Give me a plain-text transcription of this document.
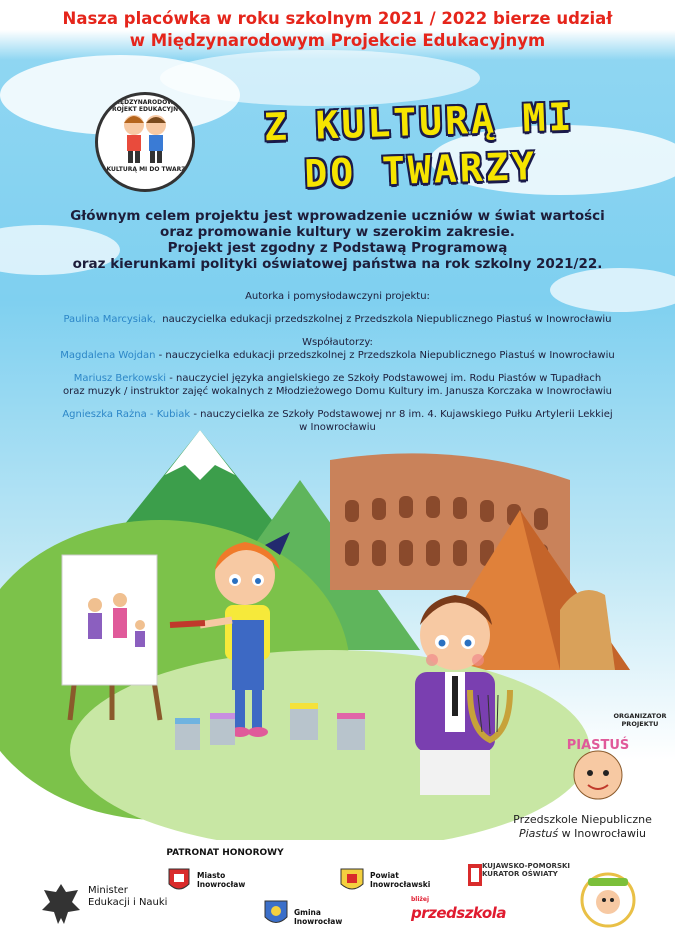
Nasza placówka w roku szkolnym 2021 / 2022 bierze udział
w Międzynarodowym Projekcie Edukacyjnym
MIĘDZYNARODOWY PROJEKT EDUKACYJNY
Z KULTURĄ MI DO TWARZY
Z KULTURĄ MI
DO TWARZY
Głównym celem projektu jest wprowadzenie uczniów w świat wartości
oraz promowanie kultury w szerokim zakresie.
Projekt jest zgodny z Podstawą Programową
oraz kierunkami polityki oświatowej państwa na rok szkolny 2021/22.
Autorka i pomysłodawczyni projektu:
Paulina Marcysiak, nauczycielka edukacji przedszkolnej z Przedszkola Niepublicznego Piastuś w Inowrocławiu
Współautorzy:
Magdalena Wojdan - nauczycielka edukacji przedszkolnej z Przedszkola Niepublicznego Piastuś w Inowrocławiu
Mariusz Berkowski - nauczyciel języka angielskiego ze Szkoły Podstawowej im. Rodu Piastów w Tupadłach
oraz muzyk / instruktor zajęć wokalnych z Młodzieżowego Domu Kultury im. Janusza Korczaka w Inowrocławiu
Agnieszka Rażna - Kubiak - nauczycielka ze Szkoły Podstawowej nr 8 im. 4. Kujawskiego Pułku Artylerii Lekkiej
w Inowrocławiu
ORGANIZATOR
PROJEKTU
PIASTUŚ
Przedszkole Niepubliczne
Piastuś w Inowrocławiu
PATRONAT HONOROWY
Minister
Edukacji i Nauki
Miasto
Inowrocław
Gmina
Inowrocław
Powiat
Inowrocławski
KUJAWSKO-POMORSKI
KURATOR OŚWIATY
bliżej
przedszkola
